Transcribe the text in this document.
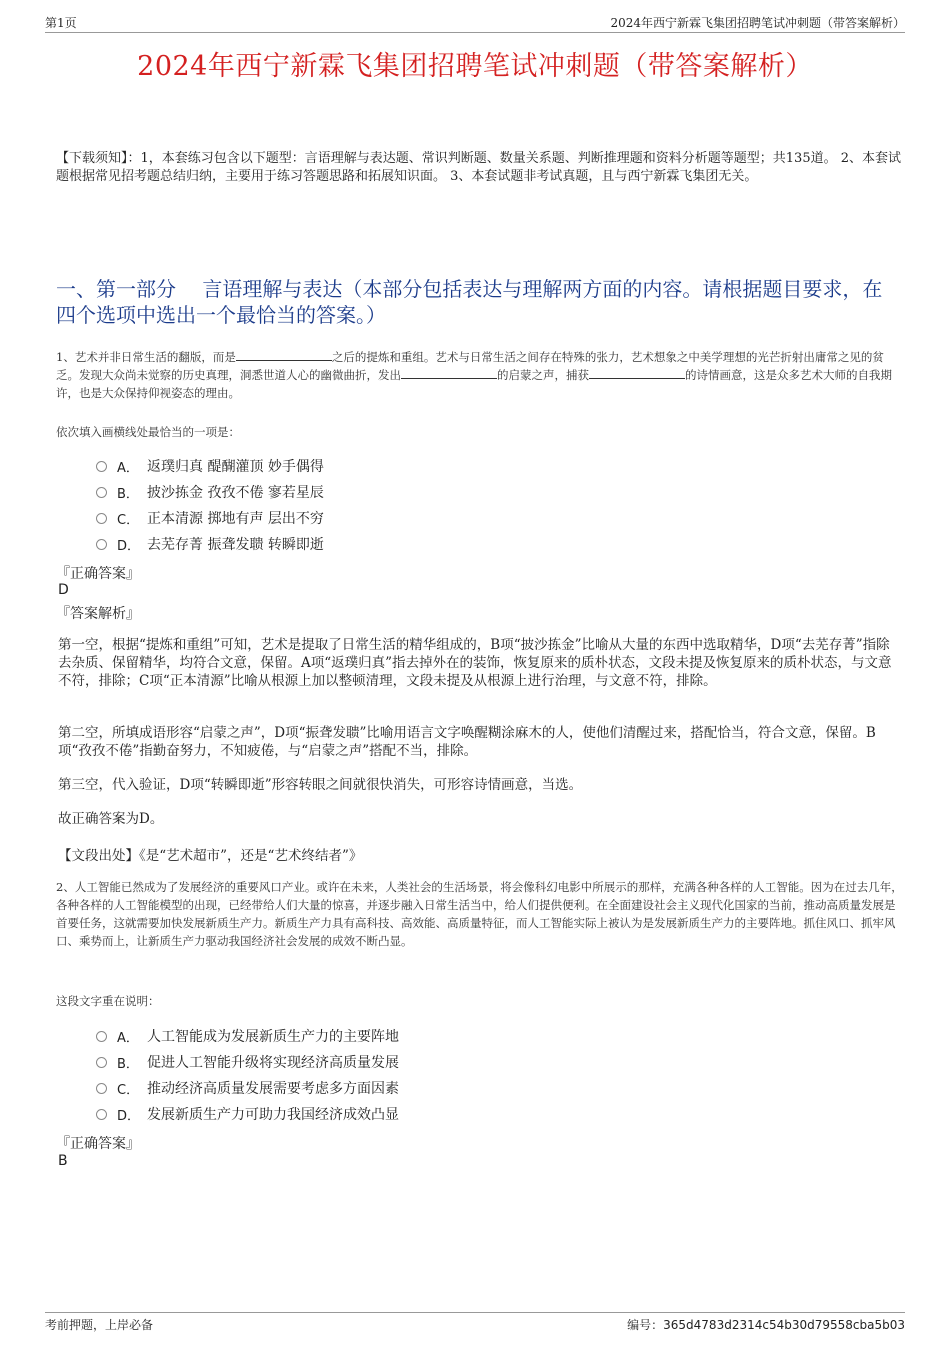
第1页	2024年西宁新霖飞集团招聘笔试冲刺题（带答案解析）
2024年西宁新霖飞集团招聘笔试冲刺题（带答案解析）
【下载须知】：1，本套练习包含以下题型：言语理解与表达题、常识判断题、数量关系题、判断推理题和资料分析题等题型；共135道。 2、本套试题根据常见招考题总结归纳，主要用于练习答题思路和拓展知识面。 3、本套试题非考试真题，且与西宁新霖飞集团无关。
一、第一部分　 言语理解与表达（本部分包括表达与理解两方面的内容。请根据题目要求，在四个选项中选出一个最恰当的答案。）
1、艺术并非日常生活的翻版，而是	之后的提炼和重组。艺术与日常生活之间存在特殊的张力，艺术想象之中美学理想的光芒折射出庸常之见的贫乏。发现大众尚未觉察的历史真理，洞悉世道人心的幽微曲折，发出	的启蒙之声，捕获	的诗情画意，这是众多艺术大师的自我期许，也是大众保持仰视姿态的理由。
依次填入画横线处最恰当的一项是：
A． 返璞归真 醍醐灌顶 妙手偶得
B． 披沙拣金 孜孜不倦 寥若星辰
C． 正本清源 掷地有声 层出不穷
D． 去芜存菁 振聋发聩 转瞬即逝
『正确答案』
D
『答案解析』
第一空，根据“提炼和重组”可知，艺术是提取了日常生活的精华组成的，B项“披沙拣金”比喻从大量的东西中选取精华，D项“去芜存菁”指除去杂质、保留精华，均符合文意，保留。A项“返璞归真”指去掉外在的装饰，恢复原来的质朴状态，文段未提及恢复原来的质朴状态，与文意不符，排除；C项“正本清源”比喻从根源上加以整顿清理，文段未提及从根源上进行治理，与文意不符，排除。
第二空，所填成语形容“启蒙之声”，D项“振聋发聩”比喻用语言文字唤醒糊涂麻木的人，使他们清醒过来，搭配恰当，符合文意，保留。B项“孜孜不倦”指勤奋努力，不知疲倦，与“启蒙之声”搭配不当，排除。
第三空，代入验证，D项“转瞬即逝”形容转眼之间就很快消失，可形容诗情画意，当选。
故正确答案为D。
【文段出处】《是“艺术超市”，还是“艺术终结者”》
2、人工智能已然成为了发展经济的重要风口产业。或许在未来，人类社会的生活场景，将会像科幻电影中所展示的那样，充满各种各样的人工智能。因为在过去几年，各种各样的人工智能模型的出现，已经带给人们大量的惊喜，并逐步融入日常生活当中，给人们提供便利。在全面建设社会主义现代化国家的当前，推动高质量发展是首要任务，这就需要加快发展新质生产力。新质生产力具有高科技、高效能、高质量特征，而人工智能实际上被认为是发展新质生产力的主要阵地。抓住风口、抓牢风口、乘势而上，让新质生产力驱动我国经济社会发展的成效不断凸显。
这段文字重在说明：
A． 人工智能成为发展新质生产力的主要阵地
B． 促进人工智能升级将实现经济高质量发展
C． 推动经济高质量发展需要考虑多方面因素
D． 发展新质生产力可助力我国经济成效凸显
『正确答案』
B
考前押题，上岸必备	编号：365d4783d2314c54b30d79558cba5b03
